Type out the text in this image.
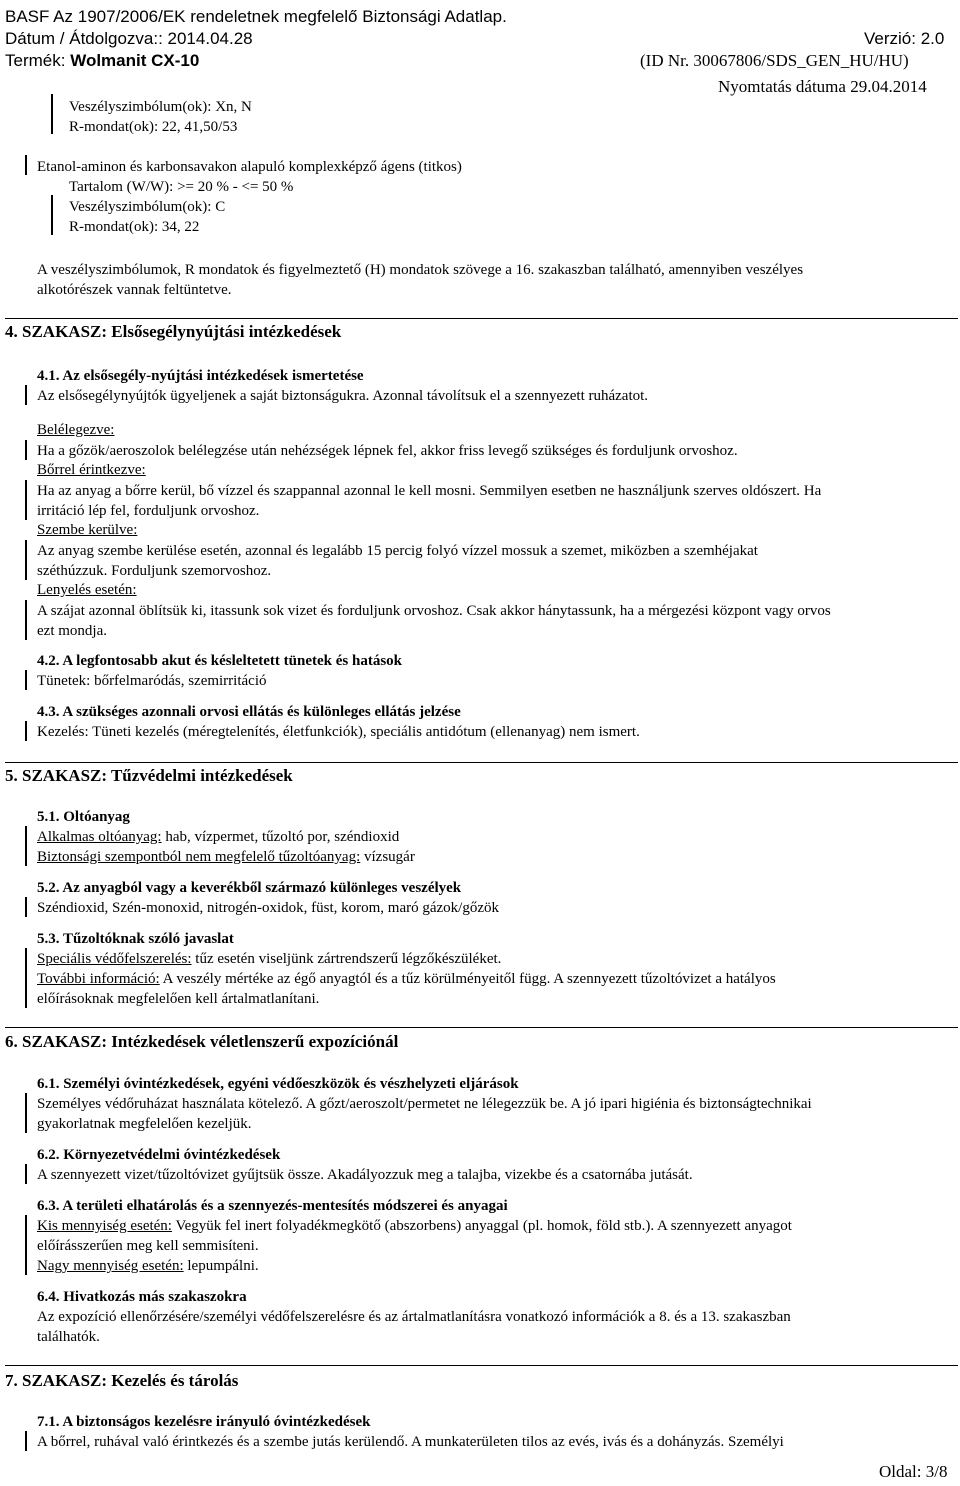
BASF Az 1907/2006/EK rendeletnek megfelelő Biztonsági Adatlap.
Dátum / Átdolgozva:: 2014.04.28	Verzió: 2.0
Termék: Wolmanit CX-10	(ID Nr. 30067806/SDS_GEN_HU/HU)
Nyomtatás dátuma 29.04.2014
Veszélyszimbólum(ok): Xn, N
R-mondat(ok): 22, 41,50/53
Etanol-aminon és karbonsavakon alapuló komplexképző ágens (titkos)
Tartalom (W/W): >= 20 % - <= 50 %
Veszélyszimbólum(ok): C
R-mondat(ok): 34, 22
A veszélyszimbólumok, R mondatok és figyelmeztető (H) mondatok szövege a 16. szakaszban található, amennyiben veszélyes
alkotórészek vannak feltüntetve.
4. SZAKASZ: Elsősegélynyújtási intézkedések
4.1. Az elsősegély-nyújtási intézkedések ismertetése
Az elsősegélynyújtók ügyeljenek a saját biztonságukra. Azonnal távolítsuk el a szennyezett ruházatot.
Belélegezve:
Ha a gőzök/aeroszolok belélegzése után nehézségek lépnek fel, akkor friss levegő szükséges és forduljunk orvoshoz.
Bőrrel érintkezve:
Ha az anyag a bőrre kerül, bő vízzel és szappannal azonnal le kell mosni. Semmilyen esetben ne használjunk szerves oldószert. Ha
irritáció lép fel, forduljunk orvoshoz.
Szembe kerülve:
Az anyag szembe kerülése esetén, azonnal és legalább 15 percig folyó vízzel mossuk a szemet, miközben a szemhéjakat
széthúzzuk. Forduljunk szemorvoshoz.
Lenyelés esetén:
A szájat azonnal öblítsük ki, itassunk sok vizet és forduljunk orvoshoz. Csak akkor hánytassunk, ha a mérgezési központ vagy orvos
ezt mondja.
4.2. A legfontosabb akut és késleltetett tünetek és hatások
Tünetek: bőrfelmaródás, szemirritáció
4.3. A szükséges azonnali orvosi ellátás és különleges ellátás jelzése
Kezelés: Tüneti kezelés (méregtelenítés, életfunkciók), speciális antidótum (ellenanyag) nem ismert.
5. SZAKASZ: Tűzvédelmi intézkedések
5.1. Oltóanyag
Alkalmas oltóanyag: hab, vízpermet, tűzoltó por, széndioxid
Biztonsági szempontból nem megfelelő tűzoltóanyag: vízsugár
5.2. Az anyagból vagy a keverékből származó különleges veszélyek
Széndioxid, Szén-monoxid, nitrogén-oxidok, füst, korom, maró gázok/gőzök
5.3. Tűzoltóknak szóló javaslat
Speciális védőfelszerelés: tűz esetén viseljünk zártrendszerű légzőkészüléket.
További információ: A veszély mértéke az égő anyagtól és a tűz körülményeitől függ. A szennyezett tűzoltóvizet a hatályos
előírásoknak megfelelően kell ártalmatlanítani.
6. SZAKASZ: Intézkedések véletlenszerű expozíciónál
6.1. Személyi óvintézkedések, egyéni védőeszközök és vészhelyzeti eljárások
Személyes védőruházat használata kötelező. A gőzt/aeroszolt/permetet ne lélegezzük be. A jó ipari higiénia és biztonságtechnikai
gyakorlatnak megfelelően kezeljük.
6.2. Környezetvédelmi óvintézkedések
A szennyezett vizet/tűzoltóvizet gyűjtsük össze. Akadályozzuk meg a talajba, vizekbe és a csatornába jutását.
6.3. A területi elhatárolás és a szennyezés-mentesítés módszerei és anyagai
Kis mennyiség esetén: Vegyük fel inert folyadékmegkötő (abszorbens) anyaggal (pl. homok, föld stb.). A szennyezett anyagot
előírásszerűen meg kell semmisíteni.
Nagy mennyiség esetén: lepumpálni.
6.4. Hivatkozás más szakaszokra
Az expozíció ellenőrzésére/személyi védőfelszerelésre és az ártalmatlanításra vonatkozó információk a 8. és a 13. szakaszban
találhatók.
7. SZAKASZ: Kezelés és tárolás
7.1. A biztonságos kezelésre irányuló óvintézkedések
A bőrrel, ruhával való érintkezés és a szembe jutás kerülendő. A munkaterületen tilos az evés, ivás és a dohányzás. Személyi
Oldal: 3/8
